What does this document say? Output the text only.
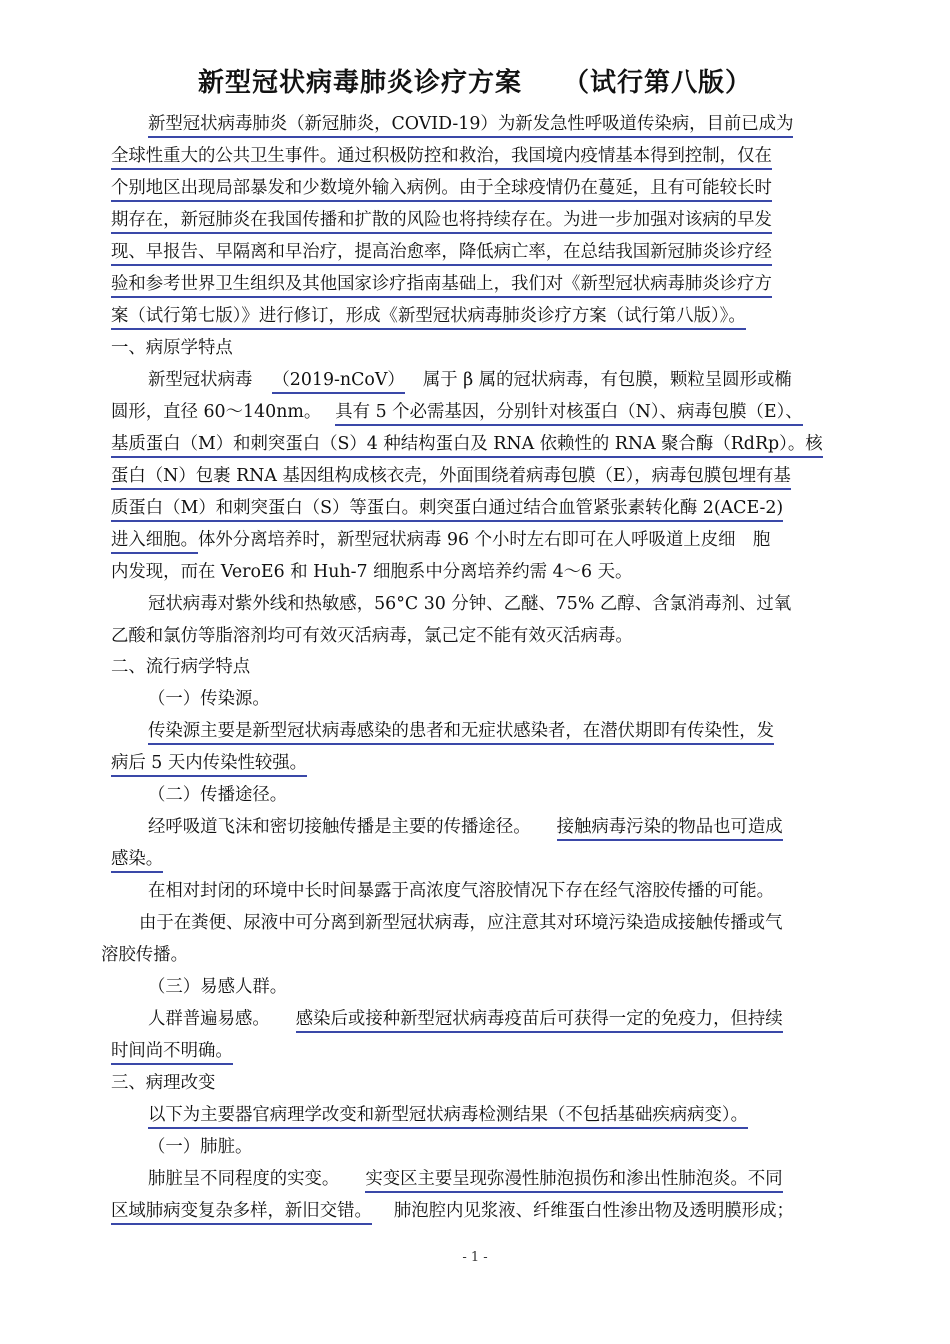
新型冠状病毒肺炎诊疗方案　　（试行第八版）
新型冠状病毒肺炎（新冠肺炎，COVID-19）为新发急性呼吸道传染病，目前已成为
全球性重大的公共卫生事件。通过积极防控和救治，我国境内疫情基本得到控制，仅在
个别地区出现局部暴发和少数境外输入病例。由于全球疫情仍在蔓延，且有可能较长时
期存在，新冠肺炎在我国传播和扩散的风险也将持续存在。为进一步加强对该病的早发
现、早报告、早隔离和早治疗，提高治愈率，降低病亡率，在总结我国新冠肺炎诊疗经
验和参考世界卫生组织及其他国家诊疗指南基础上，我们对《新型冠状病毒肺炎诊疗方
案（试行第七版）》进行修订，形成《新型冠状病毒肺炎诊疗方案（试行第八版）》。
一、病原学特点
新型冠状病毒 （2019-nCoV） 属于 β 属的冠状病毒，有包膜，颗粒呈圆形或椭
圆形，直径 60～140nm。 具有 5 个必需基因，分别针对核蛋白（N）、病毒包膜（E）、
基质蛋白（M）和刺突蛋白（S）4 种结构蛋白及 RNA 依赖性的 RNA 聚合酶（RdRp）。核
蛋白（N）包裹 RNA 基因组构成核衣壳，外面围绕着病毒包膜（E），病毒包膜包埋有基
质蛋白（M）和刺突蛋白（S）等蛋白。刺突蛋白通过结合血管紧张素转化酶 2(ACE-2)
进入细胞。体外分离培养时，新型冠状病毒 96 个小时左右即可在人呼吸道上皮细　胞
内发现，而在 VeroE6 和 Huh-7 细胞系中分离培养约需 4～6 天。
冠状病毒对紫外线和热敏感，56°C 30 分钟、乙醚、75% 乙醇、含氯消毒剂、过氧
乙酸和氯仿等脂溶剂均可有效灭活病毒，氯己定不能有效灭活病毒。
二、流行病学特点
（一）传染源。
传染源主要是新型冠状病毒感染的患者和无症状感染者，在潜伏期即有传染性，发
病后 5 天内传染性较强。
（二）传播途径。
经呼吸道飞沫和密切接触传播是主要的传播途径。 接触病毒污染的物品也可造成
感染。
在相对封闭的环境中长时间暴露于高浓度气溶胶情况下存在经气溶胶传播的可能。
由于在粪便、尿液中可分离到新型冠状病毒，应注意其对环境污染造成接触传播或气
溶胶传播。
（三）易感人群。
人群普遍易感。 感染后或接种新型冠状病毒疫苗后可获得一定的免疫力，但持续
时间尚不明确。
三、病理改变
以下为主要器官病理学改变和新型冠状病毒检测结果（不包括基础疾病病变）。
（一）肺脏。
肺脏呈不同程度的实变。 实变区主要呈现弥漫性肺泡损伤和渗出性肺泡炎。不同
区域肺病变复杂多样，新旧交错。 肺泡腔内见浆液、纤维蛋白性渗出物及透明膜形成；
- 1 -
